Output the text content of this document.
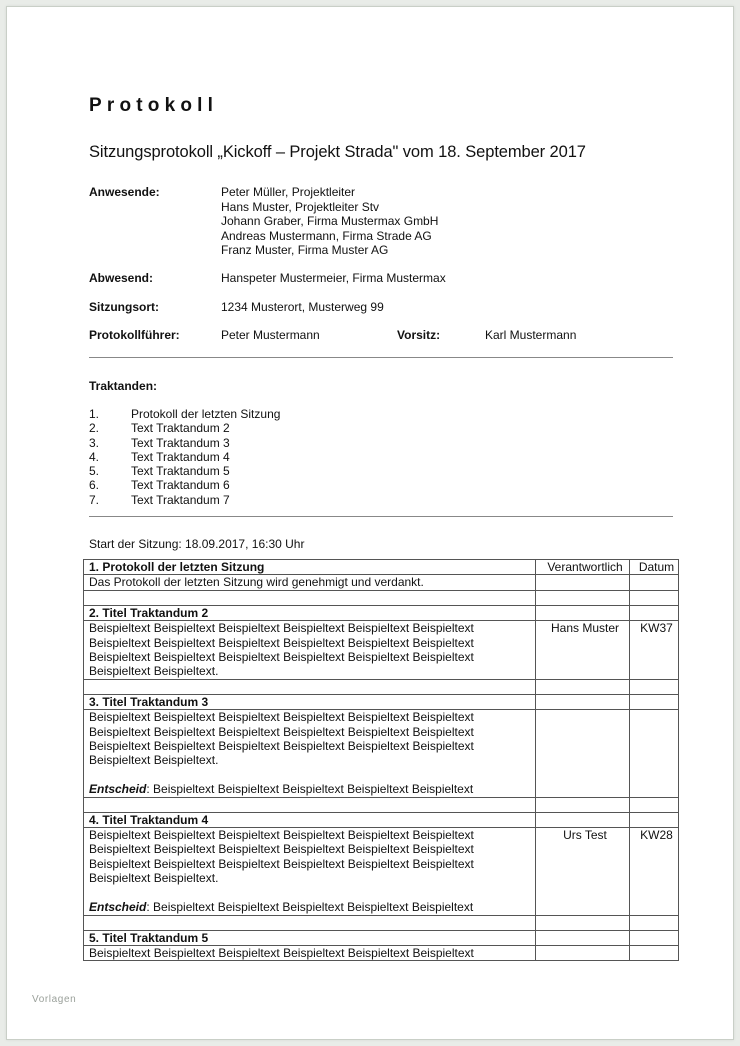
Protokoll
Sitzungsprotokoll „Kickoff – Projekt Strada" vom 18. September 2017
Anwesende:	Peter Müller, Projektleiter
Hans Muster, Projektleiter Stv
Johann Graber, Firma Mustermax GmbH
Andreas Mustermann, Firma Strade AG
Franz Muster, Firma Muster AG
Abwesend:	Hanspeter Mustermeier, Firma Mustermax
Sitzungsort:	1234 Musterort, Musterweg 99
Protokollführer:	Peter Mustermann	Vorsitz:	Karl Mustermann
Traktanden:
1.	Protokoll der letzten Sitzung
2.	Text Traktandum 2
3.	Text Traktandum 3
4.	Text Traktandum 4
5.	Text Traktandum 5
6.	Text Traktandum 6
7.	Text Traktandum 7
Start der Sitzung: 18.09.2017, 16:30 Uhr
1. Protokoll der letzten Sitzung	Verantwortlich	Datum

Das Protokoll der letzten Sitzung wird genehmigt und verdankt.		

2. Titel Traktandum 2		

Beispieltext Beispieltext Beispieltext Beispieltext Beispieltext Beispieltext
Beispieltext Beispieltext Beispieltext Beispieltext Beispieltext Beispieltext
Beispieltext Beispieltext Beispieltext Beispieltext Beispieltext Beispieltext
Beispieltext Beispieltext.	Hans Muster	KW37

3. Titel Traktandum 3		

Beispieltext Beispieltext Beispieltext Beispieltext Beispieltext Beispieltext
Beispieltext Beispieltext Beispieltext Beispieltext Beispieltext Beispieltext
Beispieltext Beispieltext Beispieltext Beispieltext Beispieltext Beispieltext
Beispieltext Beispieltext.
Entscheid: Beispieltext Beispieltext Beispieltext Beispieltext Beispieltext		

4. Titel Traktandum 4		

Beispieltext Beispieltext Beispieltext Beispieltext Beispieltext Beispieltext
Beispieltext Beispieltext Beispieltext Beispieltext Beispieltext Beispieltext
Beispieltext Beispieltext Beispieltext Beispieltext Beispieltext Beispieltext
Beispieltext Beispieltext.
Entscheid: Beispieltext Beispieltext Beispieltext Beispieltext Beispieltext	Urs Test	KW28

5. Titel Traktandum 5		

Beispieltext Beispieltext Beispieltext Beispieltext Beispieltext Beispieltext		

Vorlagen
